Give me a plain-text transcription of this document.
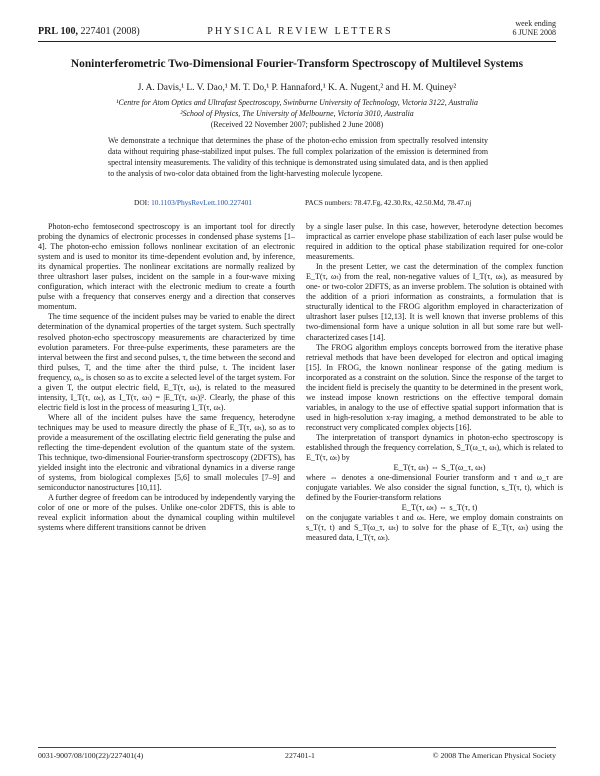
PRL 100, 227401 (2008)	PHYSICAL REVIEW LETTERS
week ending
6 JUNE 2008
Noninterferometric Two-Dimensional Fourier-Transform Spectroscopy of Multilevel Systems
J. A. Davis,¹ L. V. Dao,¹ M. T. Do,¹ P. Hannaford,¹ K. A. Nugent,² and H. M. Quiney²
¹Centre for Atom Optics and Ultrafast Spectroscopy, Swinburne University of Technology, Victoria 3122, Australia
²School of Physics, The University of Melbourne, Victoria 3010, Australia
(Received 22 November 2007; published 2 June 2008)
We demonstrate a technique that determines the phase of the photon-echo emission from spectrally resolved intensity data without requiring phase-stabilized input pulses. The full complex polarization of the emission is determined from spectral intensity measurements. The validity of this technique is demonstrated using simulated data, and is then applied to the analysis of two-color data obtained from the light-harvesting molecule lycopene.
DOI: 10.1103/PhysRevLett.100.227401	PACS numbers: 78.47.Fg, 42.30.Rx, 42.50.Md, 78.47.nj

Photon-echo femtosecond spectroscopy is an important tool for directly probing the dynamics of electronic processes in condensed phase systems [1–4]. The photon-echo emission follows nonlinear excitation of an electronic system and is used to monitor its time-dependent evolution and, by inference, its dynamical properties. The nonlinear excitations are normally realized by three ultrashort laser pulses, incident on the sample in a four-wave mixing configuration, which interact with the electronic medium to create a fourth pulse with a frequency that conserves energy and a direction that conserves momentum.

The time sequence of the incident pulses may be varied to enable the direct determination of the dynamical properties of the target system. Such spectrally resolved photon-echo spectroscopy measurements are characterized by time evolution parameters. For three-pulse experiments, these parameters are the interval between the first and second pulses, τ, the time between the second and third pulses, T, and the time after the third pulse, t. The incident laser frequency, ω₀, is chosen so as to excite a selected level of the target system. For a given T, the output electric field, E_T(τ, ωₜ), is related to the measured intensity, I_T(τ, ωₜ), as I_T(τ, ωₜ) = |E_T(τ, ωₜ)|². Clearly, the phase of this electric field is lost in the process of measuring I_T(τ, ωₜ).

Where all of the incident pulses have the same frequency, heterodyne techniques may be used to measure directly the phase of E_T(τ, ωₜ), so as to provide a measurement of the oscillating electric field generating the pulse and reflecting the time-dependent evolution of the quantum state of the system. This technique, two-dimensional Fourier-transform spectroscopy (2DFTS), has yielded insight into the electronic and vibrational dynamics in a diverse range of systems, from biological complexes [5,6] to small molecules [7–9] and semiconductor nanostructures [10,11].

A further degree of freedom can be introduced by independently varying the color of one or more of the pulses. Unlike one-color 2DFTS, this is able to reveal explicit information about the dynamical coupling within multilevel systems where different transitions cannot be driven

by a single laser pulse. In this case, however, heterodyne detection becomes impractical as carrier envelope phase stabilization of each laser pulse would be required in addition to the optical phase stabilization required for one-color measurements.

In the present Letter, we cast the determination of the complex function E_T(τ, ωₜ) from the real, non-negative values of I_T(τ, ωₜ), as measured by one- or two-color 2DFTS, as an inverse problem. The solution is obtained with the addition of a priori information as constraints, a formulation that is structurally identical to the FROG algorithm employed in characterization of ultrashort laser pulses [12,13]. It is well known that inverse problems of this two-dimensional form have a unique solution in all but some rare but well-characterized cases [14].

The FROG algorithm employs concepts borrowed from the iterative phase retrieval methods that have been developed for electron and optical imaging [15]. In FROG, the known nonlinear response of the gating medium is incorporated as a constraint on the solution. Since the response of the target to the incident field is precisely the quantity to be determined in the present work, we instead impose known restrictions on the effective temporal domain variables, in analogy to the use of effective spatial support information that is used in high-resolution x-ray imaging, a method demonstrated to be able to reconstruct very complicated complex objects [16].

The interpretation of transport dynamics in photon-echo spectroscopy is established through the frequency correlation, S_T(ω_τ, ωₜ), which is related to E_T(τ, ωₜ) by

E_T(τ, ωₜ) ⇔ S_T(ω_τ, ωₜ)

where ⇔ denotes a one-dimensional Fourier transform and τ and ω_τ are conjugate variables. We also consider the signal function, s_T(τ, t), which is defined by the Fourier-transform relations

E_T(τ, ωₜ) ⇔ s_T(τ, t)

on the conjugate variables t and ωₜ. Here, we employ domain constraints on s_T(τ, t) and S_T(ω_τ, ωₜ) to solve for the phase of E_T(τ, ωₜ) using the measured data, I_T(τ, ωₜ).

0031-9007/08/100(22)/227401(4)	227401-1	© 2008 The American Physical Society
